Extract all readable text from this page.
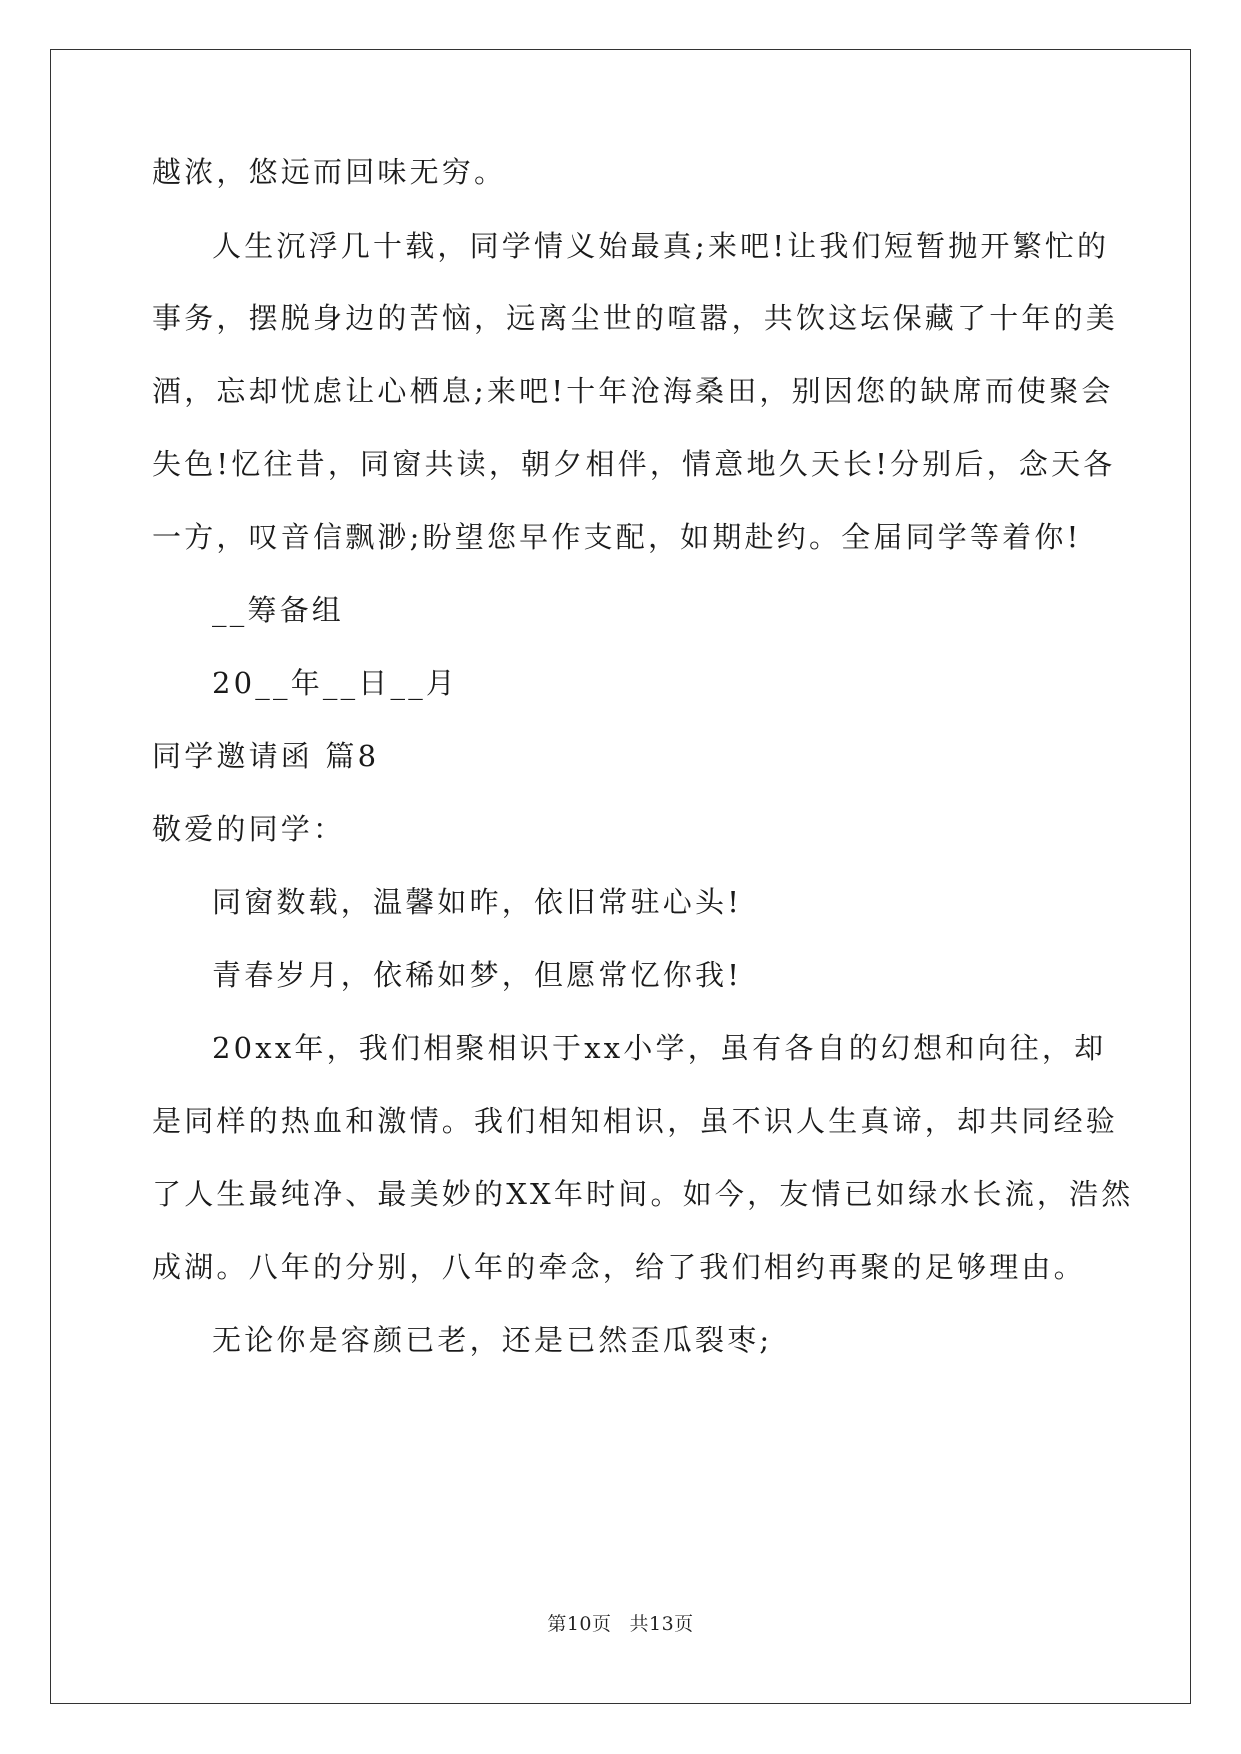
越浓，悠远而回味无穷。
人生沉浮几十载，同学情义始最真;来吧!让我们短暂抛开繁忙的
事务，摆脱身边的苦恼，远离尘世的喧嚣，共饮这坛保藏了十年的美
酒，忘却忧虑让心栖息;来吧!十年沧海桑田，别因您的缺席而使聚会
失色!忆往昔，同窗共读，朝夕相伴，情意地久天长!分别后，念天各
一方，叹音信飘渺;盼望您早作支配，如期赴约。全届同学等着你!
__筹备组
20__年__日__月
同学邀请函 篇8
敬爱的同学：
同窗数载，温馨如昨，依旧常驻心头!
青春岁月，依稀如梦，但愿常忆你我!
20xx年，我们相聚相识于xx小学，虽有各自的幻想和向往，却
是同样的热血和激情。我们相知相识，虽不识人生真谛，却共同经验
了人生最纯净、最美妙的XX年时间。如今，友情已如绿水长流，浩然
成湖。八年的分别，八年的牵念，给了我们相约再聚的足够理由。
无论你是容颜已老，还是已然歪瓜裂枣;
第10页 共13页
